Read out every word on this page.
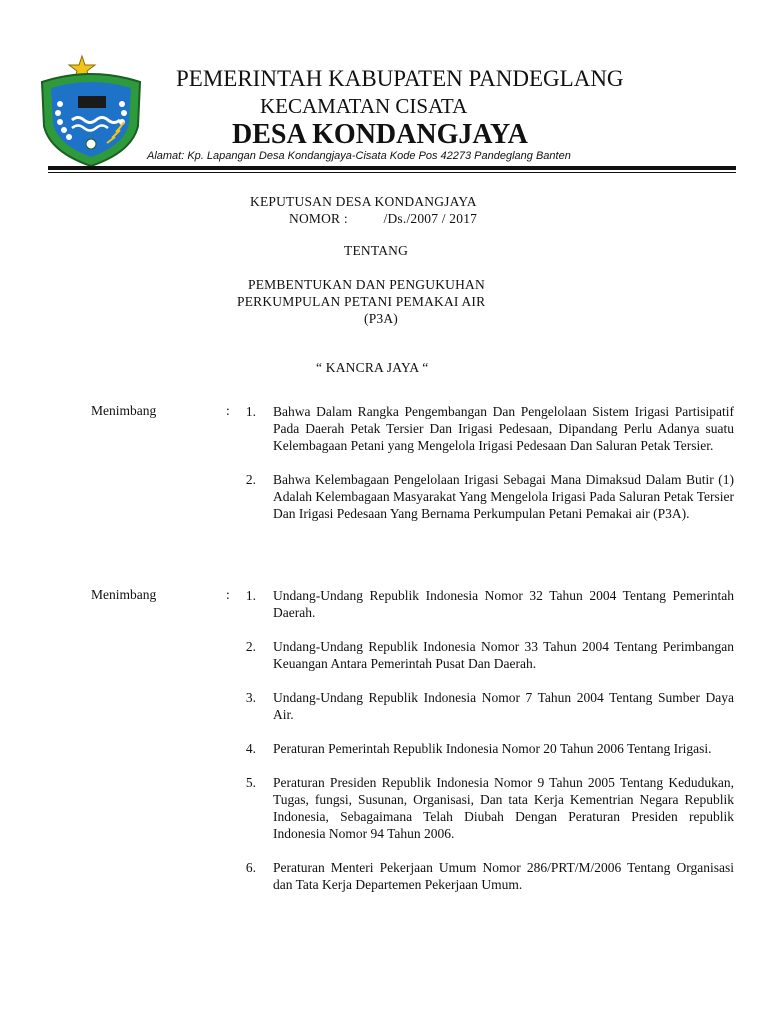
PEMERINTAH KABUPATEN PANDEGLANG
KECAMATAN CISATA
DESA KONDANGJAYA
Alamat: Kp. Lapangan Desa Kondangjaya-Cisata Kode Pos 42273 Pandeglang Banten
KEPUTUSAN DESA KONDANGJAYA
NOMOR :          /Ds./2007 / 2017
TENTANG
PEMBENTUKAN DAN PENGUKUHAN
PERKUMPULAN PETANI PEMAKAI AIR
(P3A)
“ KANCRA JAYA “
Menimbang	:	1. Bahwa Dalam Rangka Pengembangan Dan Pengelolaan Sistem Irigasi Partisipatif Pada Daerah Petak Tersier Dan Irigasi Pedesaan, Dipandang Perlu Adanya suatu Kelembagaan Petani yang Mengelola Irigasi Pedesaan Dan Saluran Petak Tersier.
2. Bahwa Kelembagaan Pengelolaan Irigasi Sebagai Mana Dimaksud Dalam Butir (1) Adalah Kelembagaan Masyarakat Yang Mengelola Irigasi Pada Saluran Petak Tersier Dan Irigasi Pedesaan Yang Bernama Perkumpulan Petani Pemakai air (P3A).
Menimbang	:	1. Undang-Undang Republik Indonesia Nomor 32 Tahun 2004 Tentang Pemerintah Daerah.
2. Undang-Undang Republik Indonesia Nomor 33 Tahun 2004 Tentang Perimbangan Keuangan Antara Pemerintah Pusat Dan Daerah.
3. Undang-Undang Republik Indonesia Nomor 7 Tahun 2004 Tentang Sumber Daya Air.
4. Peraturan Pemerintah Republik Indonesia Nomor 20 Tahun 2006 Tentang Irigasi.
5. Peraturan Presiden Republik Indonesia Nomor 9 Tahun 2005 Tentang Kedudukan, Tugas, fungsi, Susunan, Organisasi, Dan tata Kerja Kementrian Negara Republik Indonesia, Sebagaimana Telah Diubah Dengan Peraturan Presiden republik Indonesia Nomor 94 Tahun 2006.
6. Peraturan Menteri Pekerjaan Umum Nomor 286/PRT/M/2006 Tentang Organisasi dan Tata Kerja Departemen Pekerjaan Umum.
